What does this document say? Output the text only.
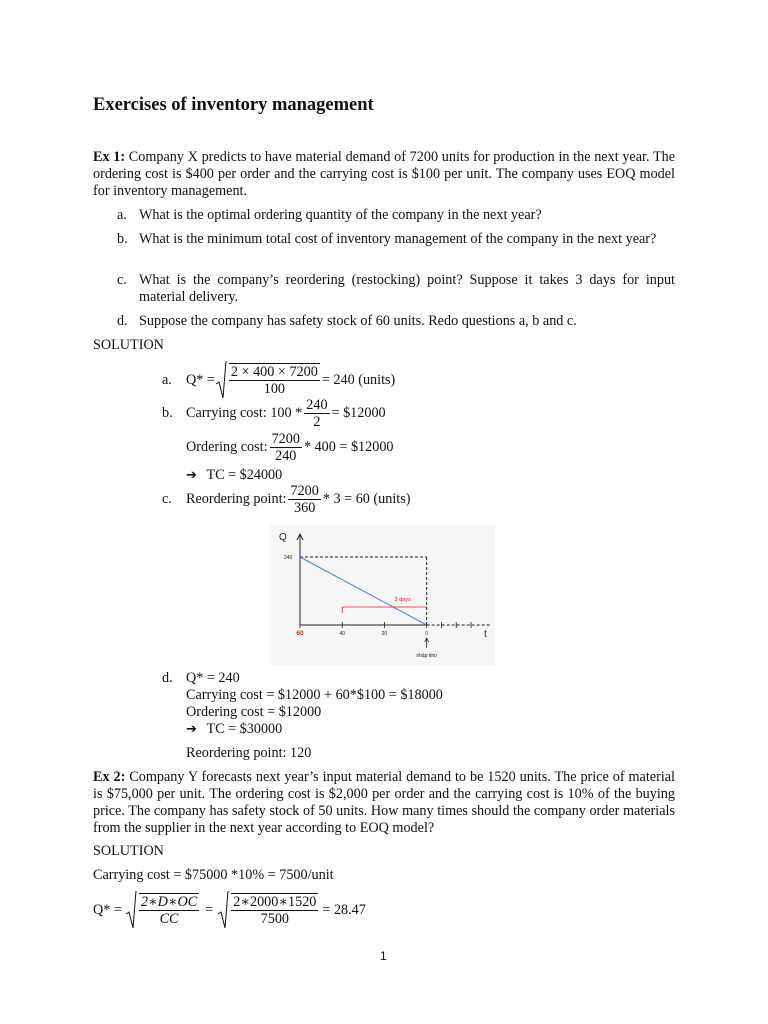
Exercises of inventory management
Ex 1: Company X predicts to have material demand of 7200 units for production in the next year. The ordering cost is $400 per order and the carrying cost is $100 per unit. The company uses EOQ model for inventory management.
a. What is the optimal ordering quantity of the company in the next year?
b. What is the minimum total cost of inventory management of the company in the next year?
c. What is the company’s reordering (restocking) point? Suppose it takes 3 days for input material delivery.
d. Suppose the company has safety stock of 60 units. Redo questions a, b and c.
SOLUTION
a. $Q* = \frac{2 \times 400 \times 7200}{100} = 240$ (units)
b. Carrying cost: $100 * \frac{240}{2}$ = $12000
Ordering cost: $\frac{7200}{240} * 400$ = $12000
➔ TC = $24000
c. Reordering point: $\frac{7200}{360} * 3 = 60$ (units)
Q
t
240
3 days
60	40	20	0
nhập kho
d. Q* = 240
Carrying cost = $12000 + 60*$100 = $18000
Ordering cost = $12000
➔ TC = $30000
Reordering point: 120
Ex 2: Company Y forecasts next year’s input material demand to be 1520 units. The price of material is $75,000 per unit. The ordering cost is $2,000 per order and the carrying cost is 10% of the buying price. The company has safety stock of 50 units. How many times should the company order materials from the supplier in the next year according to EOQ model?
SOLUTION
Carrying cost = $75000 *10% = 7500/unit
$Q* = \frac{2∗D∗OC}{CC} = \frac{2∗2000∗1520}{7500} = 28.47$
1
